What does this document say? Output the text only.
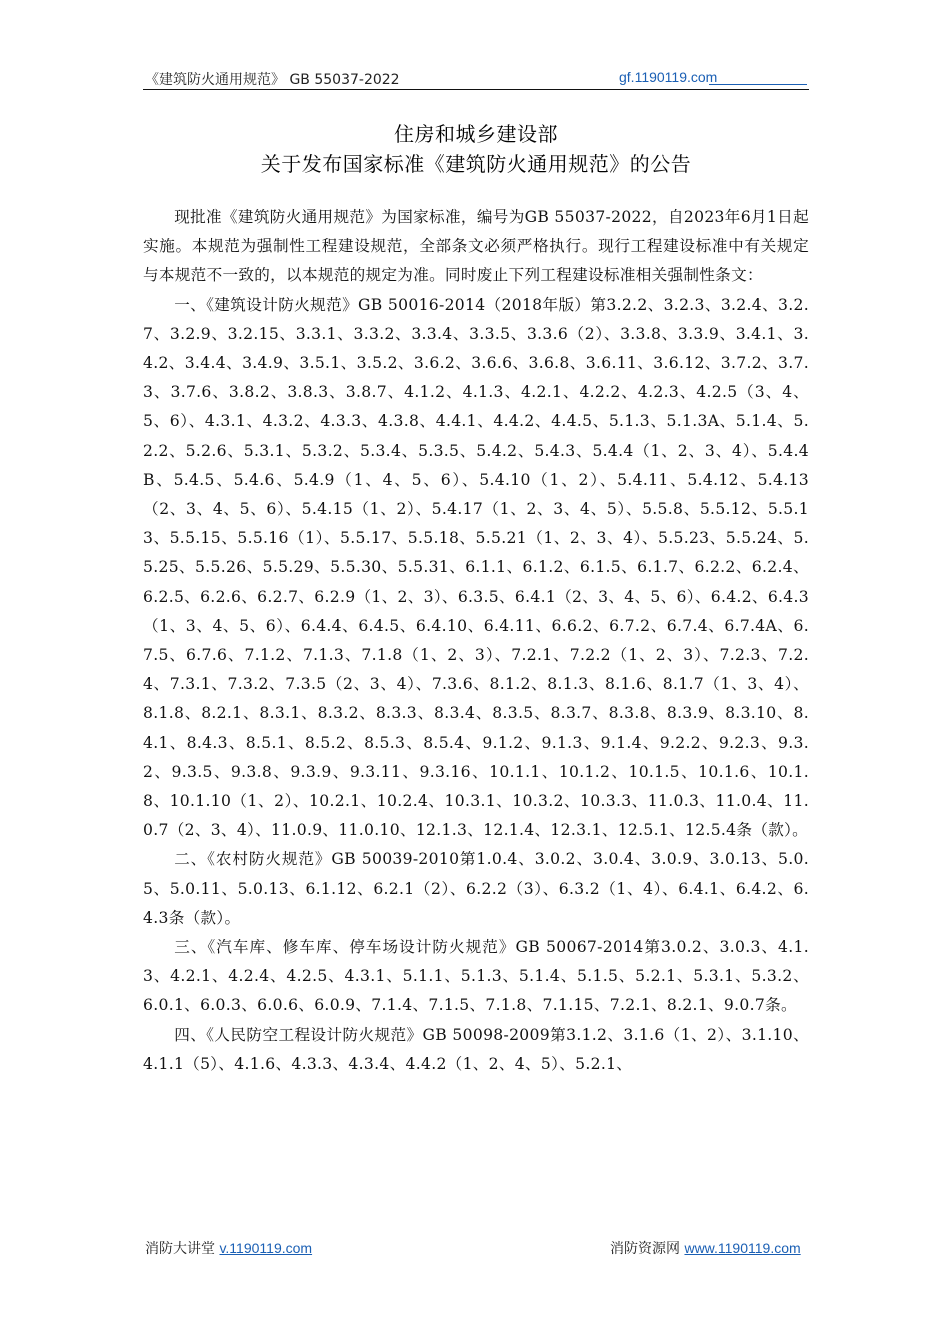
《建筑防火通用规范》 GB 55037-2022	gf.1190119.com
住房和城乡建设部
关于发布国家标准《建筑防火通用规范》的公告

现批准《建筑防火通用规范》为国家标准，编号为GB 55037-2022，自2023年6月1日起实施。本规范为强制性工程建设规范，全部条文必须严格执行。现行工程建设标准中有关规定与本规范不一致的，以本规范的规定为准。同时废止下列工程建设标准相关强制性条文：

一、《建筑设计防火规范》GB 50016-2014（2018年版）第3.2.2、3.2.3、3.2.4、3.2.7、3.2.9、3.2.15、3.3.1、3.3.2、3.3.4、3.3.5、3.3.6（2）、3.3.8、3.3.9、3.4.1、3.4.2、3.4.4、3.4.9、3.5.1、3.5.2、3.6.2、3.6.6、3.6.8、3.6.11、3.6.12、3.7.2、3.7.3、3.7.6、3.8.2、3.8.3、3.8.7、4.1.2、4.1.3、4.2.1、4.2.2、4.2.3、4.2.5（3、4、5、6）、4.3.1、4.3.2、4.3.3、4.3.8、4.4.1、4.4.2、4.4.5、5.1.3、5.1.3A、5.1.4、5.2.2、5.2.6、5.3.1、5.3.2、5.3.4、5.3.5、5.4.2、5.4.3、5.4.4（1、2、3、4）、5.4.4B、5.4.5、5.4.6、5.4.9（1、4、5、6）、5.4.10（1、2）、5.4.11、5.4.12、5.4.13（2、3、4、5、6）、5.4.15（1、2）、5.4.17（1、2、3、4、5）、5.5.8、5.5.12、5.5.13、5.5.15、5.5.16（1）、5.5.17、5.5.18、5.5.21（1、2、3、4）、5.5.23、5.5.24、5.5.25、5.5.26、5.5.29、5.5.30、5.5.31、6.1.1、6.1.2、6.1.5、6.1.7、6.2.2、6.2.4、6.2.5、6.2.6、6.2.7、6.2.9（1、2、3）、6.3.5、6.4.1（2、3、4、5、6）、6.4.2、6.4.3（1、3、4、5、6）、6.4.4、6.4.5、6.4.10、6.4.11、6.6.2、6.7.2、6.7.4、6.7.4A、6.7.5、6.7.6、7.1.2、7.1.3、7.1.8（1、2、3）、7.2.1、7.2.2（1、2、3）、7.2.3、7.2.4、7.3.1、7.3.2、7.3.5（2、3、4）、7.3.6、8.1.2、8.1.3、8.1.6、8.1.7（1、3、4）、8.1.8、8.2.1、8.3.1、8.3.2、8.3.3、8.3.4、8.3.5、8.3.7、8.3.8、8.3.9、8.3.10、8.4.1、8.4.3、8.5.1、8.5.2、8.5.3、8.5.4、9.1.2、9.1.3、9.1.4、9.2.2、9.2.3、9.3.2、9.3.5、9.3.8、9.3.9、9.3.11、9.3.16、10.1.1、10.1.2、10.1.5、10.1.6、10.1.8、10.1.10（1、2）、10.2.1、10.2.4、10.3.1、10.3.2、10.3.3、11.0.3、11.0.4、11.0.7（2、3、4）、11.0.9、11.0.10、12.1.3、12.1.4、12.3.1、12.5.1、12.5.4条（款）。

二、《农村防火规范》GB 50039-2010第1.0.4、3.0.2、3.0.4、3.0.9、3.0.13、5.0.5、5.0.11、5.0.13、6.1.12、6.2.1（2）、6.2.2（3）、6.3.2（1、4）、6.4.1、6.4.2、6.4.3条（款）。

三、《汽车库、修车库、停车场设计防火规范》GB 50067-2014第3.0.2、3.0.3、4.1.3、4.2.1、4.2.4、4.2.5、4.3.1、5.1.1、5.1.3、5.1.4、5.1.5、5.2.1、5.3.1、5.3.2、6.0.1、6.0.3、6.0.6、6.0.9、7.1.4、7.1.5、7.1.8、7.1.15、7.2.1、8.2.1、9.0.7条。

四、《人民防空工程设计防火规范》GB 50098-2009第3.1.2、3.1.6（1、2）、3.1.10、4.1.1（5）、4.1.6、4.3.3、4.3.4、4.4.2（1、2、4、5）、5.2.1、

消防大讲堂 v.1190119.com	消防资源网 www.1190119.com
